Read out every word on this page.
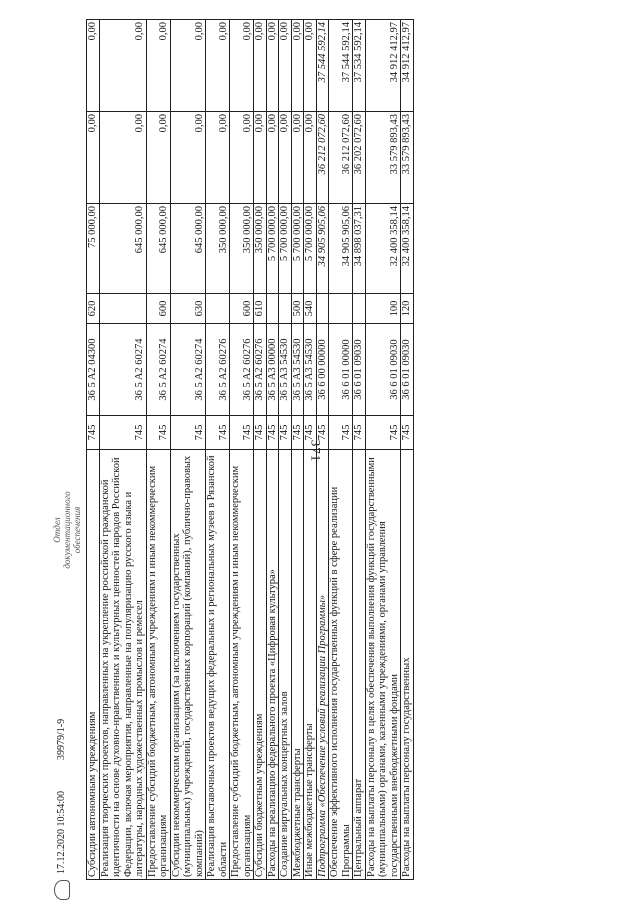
371
Субсидии автономным учреждениям	745	36 5 A2 04300	620	75 000,00	0,00	0,00
Реализация творческих проектов, направленных на укрепление российской гражданской идентичности на основе духовно-нравственных и культурных ценностей народов Российской Федерации, включая мероприятия, направленные на популяризацию русского языка и литературы, народных художественных промыслов и ремесел	745	36 5 A2 60274		645 000,00	0,00	0,00
Предоставление субсидий бюджетным, автономным учреждениям и иным некоммерческим организациям	745	36 5 A2 60274	600	645 000,00	0,00	0,00
Субсидии некоммерческим организациям (за исключением государственных (муниципальных) учреждений, государственных корпораций (компаний), публично-правовых компаний)	745	36 5 A2 60274	630	645 000,00	0,00	0,00
Реализация выставочных проектов ведущих федеральных и региональных музеев в Рязанской области	745	36 5 A2 60276		350 000,00	0,00	0,00
Предоставление субсидий бюджетным, автономным учреждениям и иным некоммерческим организациям	745	36 5 A2 60276	600	350 000,00	0,00	0,00
Субсидии бюджетным учреждениям	745	36 5 A2 60276	610	350 000,00	0,00	0,00
Расходы на реализацию федерального проекта «Цифровая культура»	745	36 5 A3 00000		5 700 000,00	0,00	0,00
Создание виртуальных концертных залов	745	36 5 A3 54530		5 700 000,00	0,00	0,00
Межбюджетные трансферты	745	36 5 A3 54530	500	5 700 000,00	0,00	0,00
Иные межбюджетные трансферты	745	36 5 A3 54530	540	5 700 000,00	0,00	0,00
Подпрограмма «Обеспечение условий реализации Программы»	745	36 6 00 00000		34 905 905,06	36 212 072,60	37 544 592,14
Обеспечение эффективного исполнения государственных функций в сфере реализации Программы	745	36 6 01 00000		34 905 905,06	36 212 072,60	37 544 592,14
Центральный аппарат	745	36 6 01 09030		34 898 037,31	36 202 072,60	37 534 592,14
Расходы на выплаты персоналу в целях обеспечения выполнения функций государственными (муниципальными) органами, казенными учреждениями, органами управления государственными внебюджетными фондами	745	36 6 01 09030	100	32 400 358,14	33 579 893,43	34 912 412,97
Расходы на выплаты персоналу государственных	745	36 6 01 09030	120	32 400 358,14	33 579 893,43	34 912 412,97
17.12.2020 10:54:00
39979/1-9
Отдел документационного обеспечения
